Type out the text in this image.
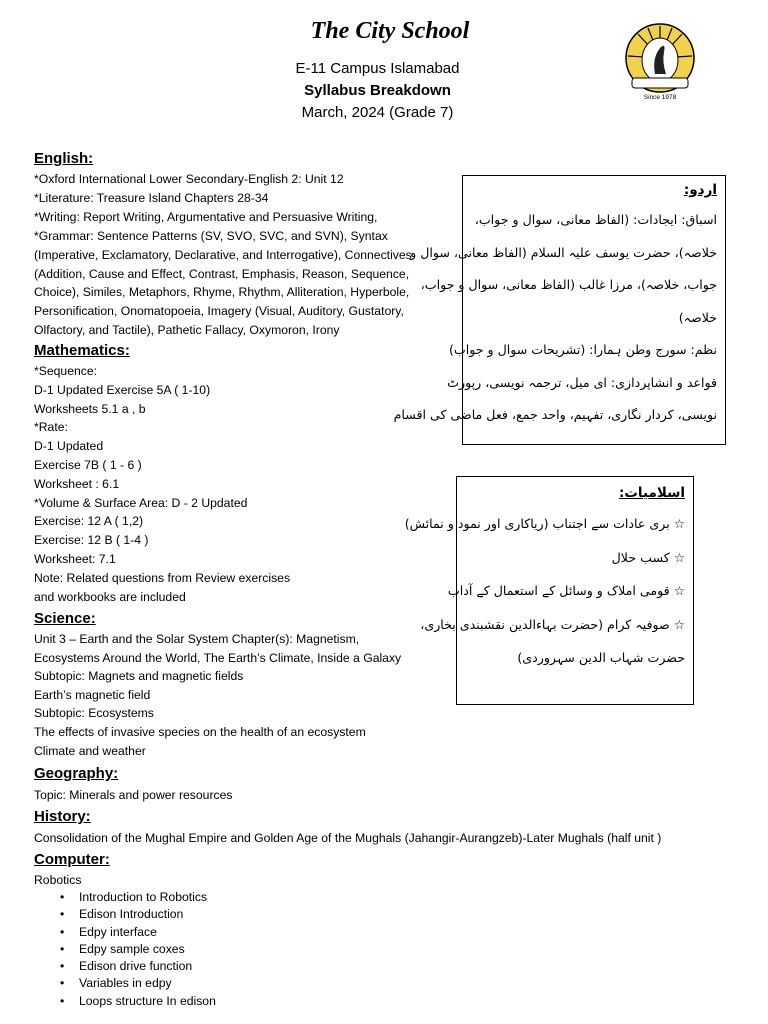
The City School
E-11 Campus Islamabad
Syllabus Breakdown
March, 2024 (Grade 7)
Since 1978
English:
*Oxford International Lower Secondary-English 2: Unit 12
*Literature: Treasure Island Chapters 28-34
*Writing: Report Writing, Argumentative and Persuasive Writing,
*Grammar: Sentence Patterns (SV, SVO, SVC, and SVN), Syntax
(Imperative, Exclamatory, Declarative, and Interrogative), Connectives
(Addition, Cause and Effect, Contrast, Emphasis, Reason, Sequence,
Choice), Similes, Metaphors, Rhyme, Rhythm, Alliteration, Hyperbole,
Personification, Onomatopoeia, Imagery (Visual, Auditory, Gustatory,
Olfactory, and Tactile), Pathetic Fallacy, Oxymoron, Irony
Mathematics:
*Sequence:
D-1 Updated Exercise 5A ( 1-10)
Worksheets 5.1 a , b
*Rate:
D-1 Updated
Exercise 7B ( 1 - 6 )
Worksheet : 6.1
*Volume & Surface Area: D - 2 Updated
Exercise: 12 A ( 1,2)
Exercise: 12 B ( 1-4 )
Worksheet: 7.1
Note: Related questions from Review exercises
and workbooks are included
Science:
Unit 3 – Earth and the Solar System Chapter(s): Magnetism,
Ecosystems Around the World, The Earth’s Climate, Inside a Galaxy
Subtopic: Magnets and magnetic fields
Earth’s magnetic field
Subtopic: Ecosystems
The effects of invasive species on the health of an ecosystem
Climate and weather
Geography:
Topic: Minerals and power resources
History:
Consolidation of the Mughal Empire and Golden Age of the Mughals (Jahangir-Aurangzeb)-Later Mughals (half unit )
Computer:
Robotics
• Introduction to Robotics
• Edison Introduction
• Edpy interface
• Edpy sample coxes
• Edison drive function
• Variables in edpy
• Loops structure In edison
اردو:
اسباق: ایجادات: (الفاظ معانی، سوال و جواب،
خلاصہ)، حضرت یوسف علیہ السلام (الفاظ معانی، سوال و
جواب، خلاصہ)، مرزا غالب (الفاظ معانی، سوال و جواب،
خلاصہ)
نظم: سورج وطن ہمارا: (تشریحات سوال و جواب)
قواعد و انشاپردازی: ای میل، ترجمہ نویسی، رپورٹ
نویسی، کردار نگاری، تفہیم، واحد جمع، فعل ماضی کی اقسام
اسلامیات:
☆ بری عادات سے اجتناب (ریاکاری اور نمود و نمائش)
☆ کسب حلال
☆ قومی املاک و وسائل کے استعمال کے آداب
☆ صوفیہ کرام (حضرت بہاءالدین نقشبندی بخاری،
حضرت شہاب الدین سہروردی)
